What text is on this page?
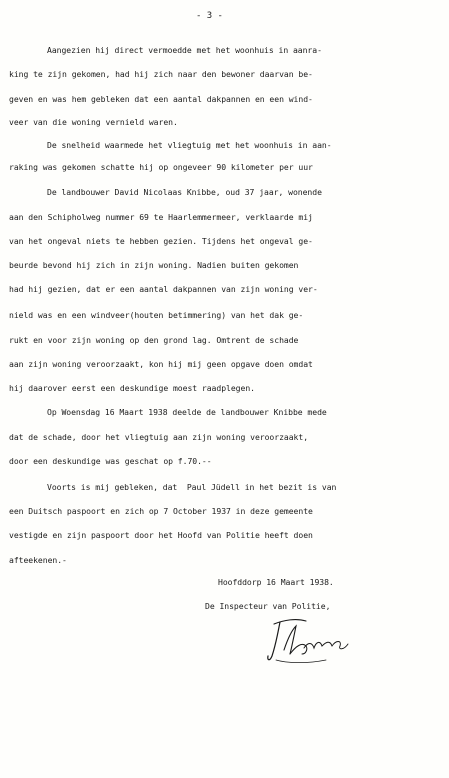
- 3 -
Aangezien hij direct vermoedde met het woonhuis in aanra-
king te zijn gekomen, had hij zich naar den bewoner daarvan be-
geven en was hem gebleken dat een aantal dakpannen en een wind-
veer van die woning vernield waren.
De snelheid waarmede het vliegtuig met het woonhuis in aan-
raking was gekomen schatte hij op ongeveer 90 kilometer per uur
De landbouwer David Nicolaas Knibbe, oud 37 jaar, wonende
aan den Schipholweg nummer 69 te Haarlemmermeer, verklaarde mij
van het ongeval niets te hebben gezien. Tijdens het ongeval ge-
beurde bevond hij zich in zijn woning. Nadien buiten gekomen
had hij gezien, dat er een aantal dakpannen van zijn woning ver-
nield was en een windveer(houten betimmering) van het dak ge-
rukt en voor zijn woning op den grond lag. Omtrent de schade
aan zijn woning veroorzaakt, kon hij mij geen opgave doen omdat
hij daarover eerst een deskundige moest raadplegen.
Op Woensdag 16 Maart 1938 deelde de landbouwer Knibbe mede
dat de schade, door het vliegtuig aan zijn woning veroorzaakt,
door een deskundige was geschat op f.70.--
Voorts is mij gebleken, dat  Paul Jüdell in het bezit is van
een Duitsch paspoort en zich op 7 October 1937 in deze gemeente
vestigde en zijn paspoort door het Hoofd van Politie heeft doen
afteekenen.-
Hoofddorp 16 Maart 1938.
De Inspecteur van Politie,
